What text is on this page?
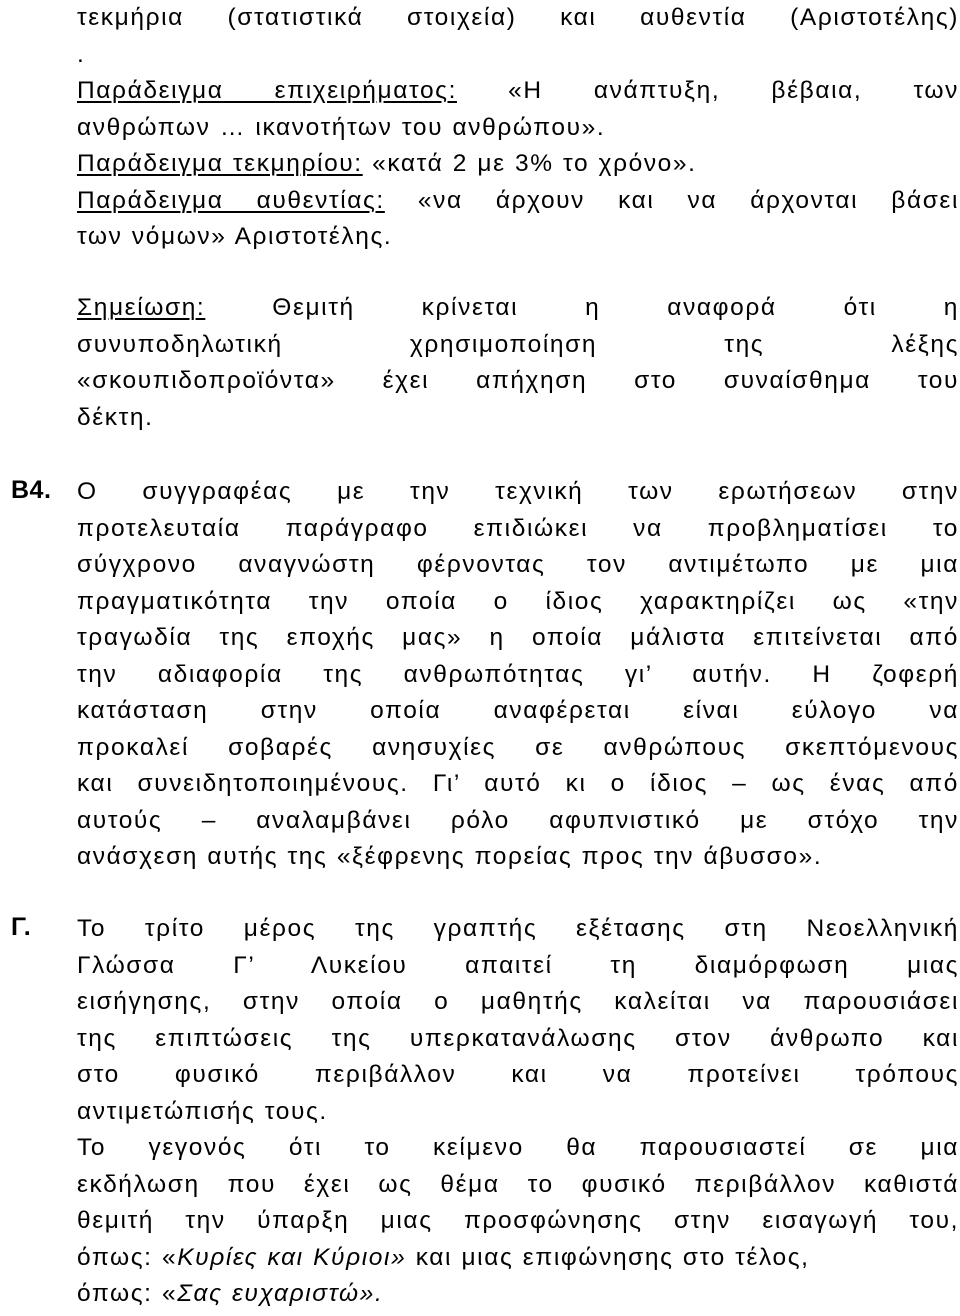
τεκμήρια (στατιστικά στοιχεία) και αυθεντία (Αριστοτέλης)
.
Παράδειγμα επιχειρήματος: «Η ανάπτυξη, βέβαια, των
ανθρώπων … ικανοτήτων του ανθρώπου».
Παράδειγμα τεκμηρίου: «κατά 2 με 3% το χρόνο».
Παράδειγμα αυθεντίας: «να άρχουν και να άρχονται βάσει
των νόμων» Αριστοτέλης.
Σημείωση: Θεμιτή κρίνεται η αναφορά ότι η
συνυποδηλωτική χρησιμοποίηση της λέξης
«σκουπιδοπροϊόντα» έχει απήχηση στο συναίσθημα του
δέκτη.
Β4. Ο συγγραφέας με την τεχνική των ερωτήσεων στην
προτελευταία παράγραφο επιδιώκει να προβληματίσει το
σύγχρονο αναγνώστη φέρνοντας τον αντιμέτωπο με μια
πραγματικότητα την οποία ο ίδιος χαρακτηρίζει ως «την
τραγωδία της εποχής μας» η οποία μάλιστα επιτείνεται από
την αδιαφορία της ανθρωπότητας γι’ αυτήν. Η ζοφερή
κατάσταση στην οποία αναφέρεται είναι εύλογο να
προκαλεί σοβαρές ανησυχίες σε ανθρώπους σκεπτόμενους
και συνειδητοποιημένους. Γι’ αυτό κι ο ίδιος – ως ένας από
αυτούς – αναλαμβάνει ρόλο αφυπνιστικό με στόχο την
ανάσχεση αυτής της «ξέφρενης πορείας προς την άβυσσο».
Γ. Το τρίτο μέρος της γραπτής εξέτασης στη Νεοελληνική
Γλώσσα Γ’ Λυκείου απαιτεί τη διαμόρφωση μιας
εισήγησης, στην οποία ο μαθητής καλείται να παρουσιάσει
της επιπτώσεις της υπερκατανάλωσης στον άνθρωπο και
στο φυσικό περιβάλλον και να προτείνει τρόπους
αντιμετώπισής τους.
Το γεγονός ότι το κείμενο θα παρουσιαστεί σε μια
εκδήλωση που έχει ως θέμα το φυσικό περιβάλλον καθιστά
θεμιτή την ύπαρξη μιας προσφώνησης στην εισαγωγή του,
όπως: «Κυρίες και Κύριοι» και μιας επιφώνησης στο τέλος,
όπως: «Σας ευχαριστώ».
